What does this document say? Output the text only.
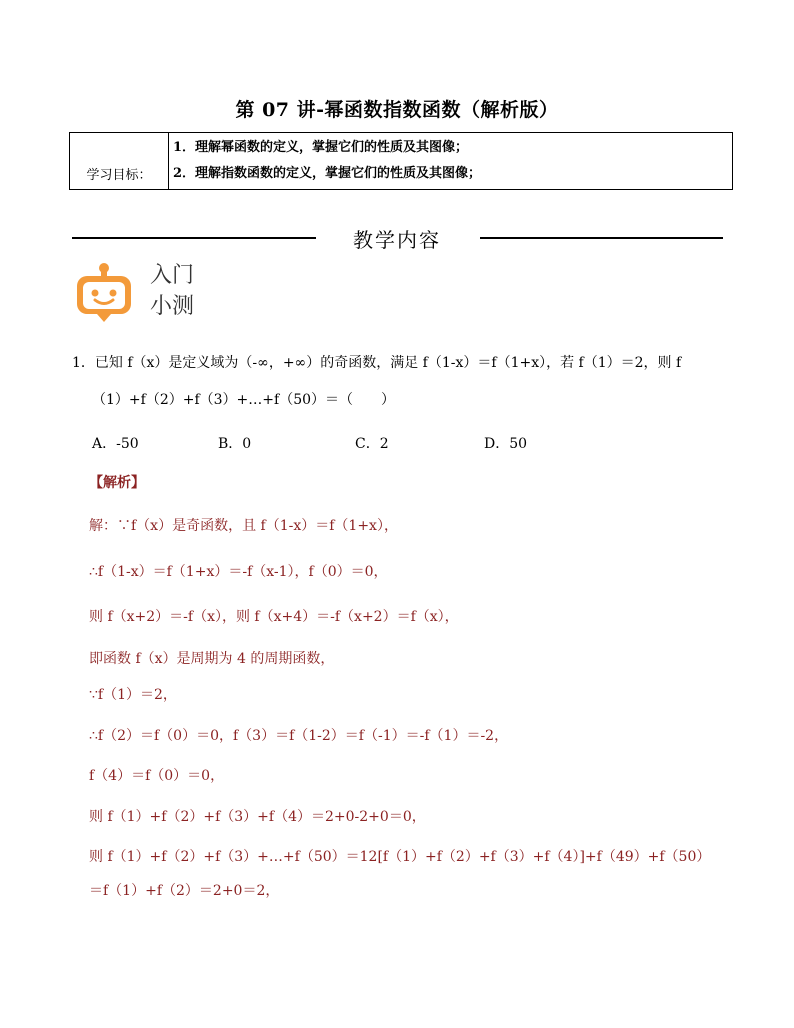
第 07 讲-幂函数指数函数（解析版）
学习目标：	
1．理解幂函数的定义，掌握它们的性质及其图像；
2．理解指数函数的定义，掌握它们的性质及其图像；
教学内容
入门
小测
1．已知 f（x）是定义域为（-∞，+∞）的奇函数，满足 f（1-x）＝f（1+x），若 f（1）＝2，则 f
（1）+f（2）+f（3）+…+f（50）＝（　　）
A．-50	B．0	C．2	D．50
【解析】
解：∵f（x）是奇函数，且 f（1-x）＝f（1+x），
∴f（1-x）＝f（1+x）＝-f（x-1），f（0）＝0，
则 f（x+2）＝-f（x），则 f（x+4）＝-f（x+2）＝f（x），
即函数 f（x）是周期为 4 的周期函数，
∵f（1）＝2，
∴f（2）＝f（0）＝0，f（3）＝f（1-2）＝f（-1）＝-f（1）＝-2，
f（4）＝f（0）＝0，
则 f（1）+f（2）+f（3）+f（4）＝2+0-2+0＝0，
则 f（1）+f（2）+f（3）+…+f（50）＝12[f（1）+f（2）+f（3）+f（4）]+f（49）+f（50）
＝f（1）+f（2）＝2+0＝2，
